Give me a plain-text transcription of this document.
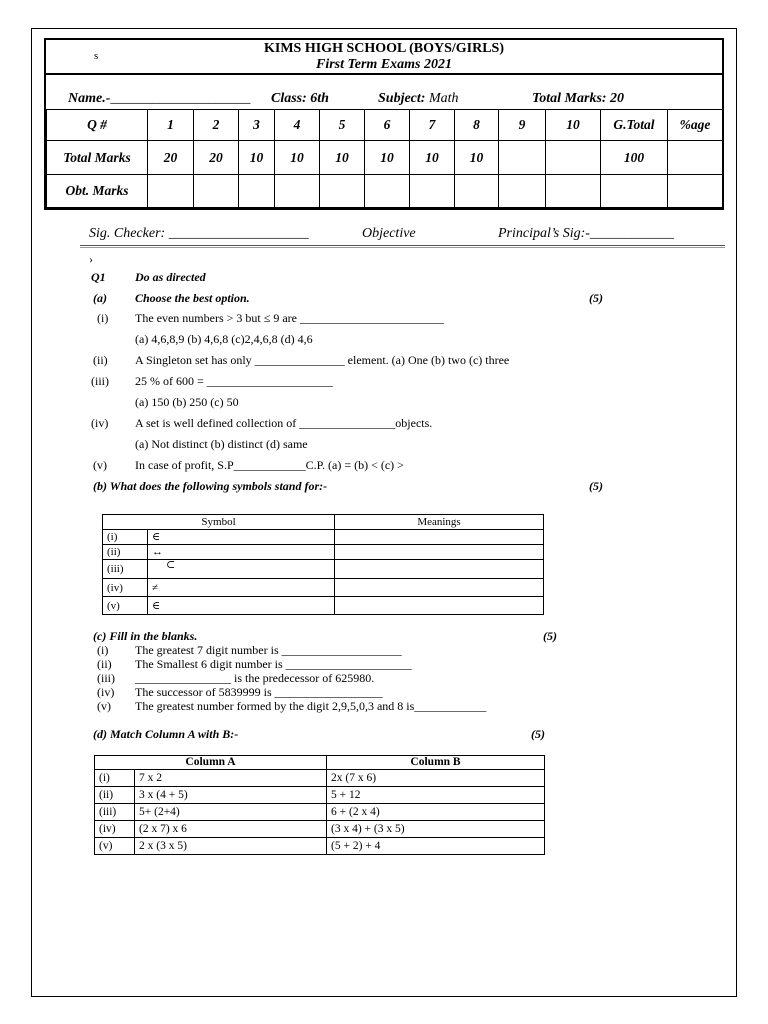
s	KIMS HIGH SCHOOL (BOYS/GIRLS)
First Term Exams 2021
Name.-____________________ Class: 6th	Subject: Math	Total Marks: 20
Q #	1	2	3	4	5	6	7	8	9	10	G.Total	%age
Total Marks	20	20	10	10	10	10	10	10			100	
Obt. Marks												
Sig. Checker: ____________________	Objective	Principal’s Sig:-____________
›
Q1 Do as directed
(a) Choose the best option.	(5)
(i) The even numbers > 3 but ≤ 9 are ________________________
(a) 4,6,8,9 (b) 4,6,8 (c)2,4,6,8 (d) 4,6
(ii) A Singleton set has only _______________ element. (a) One (b) two (c) three
(iii) 25 % of 600 = _____________________
(a) 150 (b) 250 (c) 50
(iv) A set is well defined collection of ________________objects.
(a) Not distinct (b) distinct (d) same
(v) In case of profit, S.P____________C.P. (a) = (b) < (c) >
(b) What does the following symbols stand for:-	(5)
Symbol		Meanings
(i)	∈	
(ii)	↔	
(iii)	⊂	
(iv)	≠	
(v)	∈	
(c) Fill in the blanks.	(5)
(i) The greatest 7 digit number is ____________________
(ii) The Smallest 6 digit number is _____________________
(iii) ________________ is the predecessor of 625980.
(iv) The successor of 5839999 is __________________
(v) The greatest number formed by the digit 2,9,5,0,3 and 8 is____________
(d) Match Column A with B:-	(5)
Column A		Column B
(i)	7 x 2	2x (7 x 6)
(ii)	3 x (4 + 5)	5 + 12
(iii)	5+ (2+4)	6 + (2 x 4)
(iv)	(2 x 7) x 6	(3 x 4) + (3 x 5)
(v)	2 x (3 x 5)	(5 + 2) + 4
